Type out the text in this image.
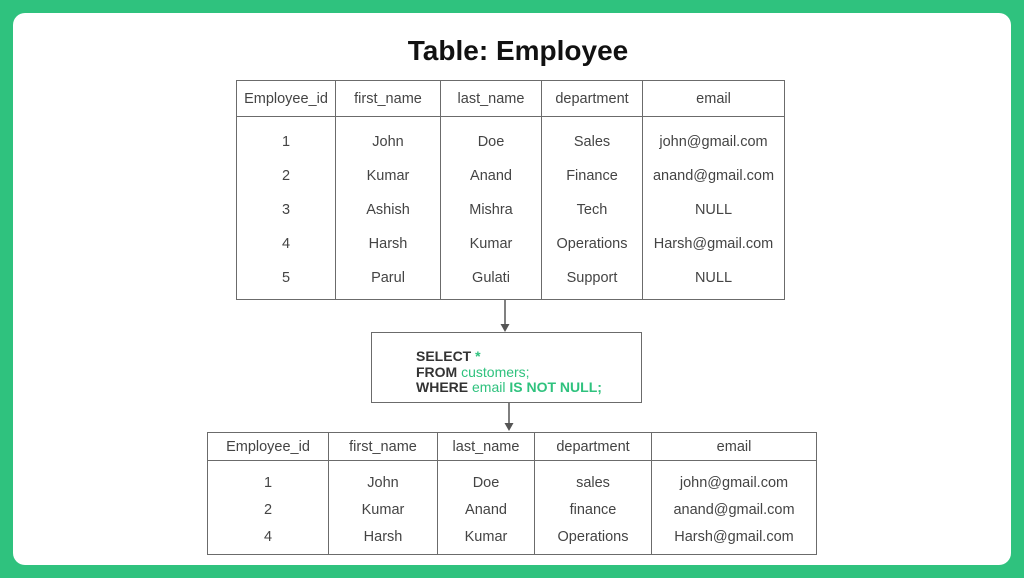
Table: Employee
Employee_id	first_name	last_name	department	email
1	John	Doe	Sales	john@gmail.com
2	Kumar	Anand	Finance	anand@gmail.com
3	Ashish	Mishra	Tech	NULL
4	Harsh	Kumar	Operations	Harsh@gmail.com
5	Parul	Gulati	Support	NULL
SELECT *
FROM customers;
WHERE email IS NOT NULL;
Employee_id	first_name	last_name	department	email
1	John	Doe	sales	john@gmail.com
2	Kumar	Anand	finance	anand@gmail.com
4	Harsh	Kumar	Operations	Harsh@gmail.com
